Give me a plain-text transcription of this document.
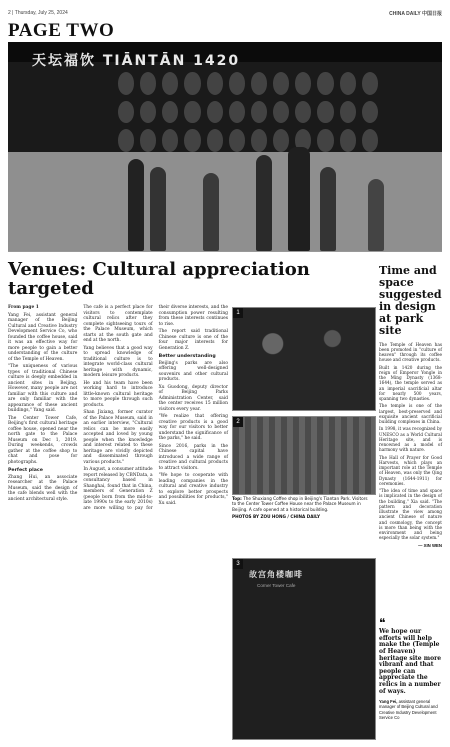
2 | Thursday, July 25, 2024	CHINA DAILY 中国日报
PAGE TWO
天坛福饮 TIĀNTĀN 1420
Venues: Cultural appreciation targeted

From page 1

Yang Fei, assistant general manager of the Beijing Cultural and Creative Industry Development Service Co, who founded the coffee house, said it was an effective way for more people to gain a better understanding of the culture of the Temple of Heaven.

"The uniqueness of various types of traditional Chinese culture is deeply embedded in ancient sites in Beijing. However, many people are not familiar with this culture and are only familiar with the appearance of these ancient buildings," Yang said.

The Center Tower Cafe, Beijing's first cultural heritage coffee house, opened near the north gate to the Palace Museum on Dec 1, 2019. During weekends, crowds gather at the coffee shop to chat and pose for photographs.

Perfect place

Zhang Hui, an associate researcher at the Palace Museum, said the design of the cafe blends well with the ancient architectural style.

The cafe is a perfect place for visitors to contemplate cultural relics after they complete sightseeing tours of the Palace Museum, which starts at the south gate and end at the north.

Yang believes that a good way to spread knowledge of traditional culture is to integrate world-class cultural heritage with dynamic, modern leisure products.

He and his team have been working hard to introduce little-known cultural heritage to more people through such products.

Shan Jixiang, former curator of the Palace Museum, said in an earlier interview, "Cultural relics can be more easily accepted and loved by young people when the knowledge and interest related to these heritage are vividly depicted and disseminated through various products."

In August, a consumer attitude report released by CBNData, a consultancy based in Shanghai, found that in China, members of Generation Z (people born from the mid-to-late 1990s to the early 2010s) are more willing to pay for their diverse interests, and the consumption power resulting from these interests continues to rise.

The report said traditional Chinese culture is one of the four major interests for Generation Z.

Better understanding

Beijing's parks are also offering well-designed souvenirs and other cultural products.

Xu Guodong, deputy director of Beijing Parks Administration Center, said the center receives 15 million visitors every year.

"We realize that offering creative products is a good way for our visitors to better understand the significance of the parks," he said.

Since 2016, parks in the Chinese capital have introduced a wide range of creative and cultural products to attract visitors.

"We hope to cooperate with leading companies in the cultural and creative industry to explore better prospects and possibilities for products," Xu said.

1
2
Top: The Shuxiang Coffee shop in Beijing's Tiantan Park. Visitors to the Center Tower Coffee House near the Palace Museum in Beijing. A cafe opened at a historical building.
PHOTOS BY ZOU HONG / CHINA DAILY
3
故宫角楼咖啡
Corner Tower Cafe
Time and space suggested in design at park site

The Temple of Heaven has been promoted in "culture of heaven" through its coffee house and creative products.

Built in 1420 during the reign of Emperor Yongle in the Ming Dynasty (1368-1644), the temple served as an imperial sacrificial altar for nearly 500 years, spanning two dynasties.

The temple is one of the largest, best-preserved and exquisite ancient sacrificial building complexes in China.

In 1998, it was recognized by UNESCO as a World Cultural Heritage site, and is renowned as a model of harmony with nature.

The Hall of Prayer for Good Harvests, which plays an important role at the Temple of Heaven, was only the Qing Dynasty (1644-1911) for ceremonies.

"The idea of time and space is implicated in the design of the building," Xia said. "The pattern and decoration illustrate the view among ancient Chinese of nature and cosmology, the concept is more than being with the environment and being especially the solar system."

— XIN WEN
❝
We hope our efforts will help make the (Temple of Heaven) heritage site more vibrant and that people can appreciate the relics in a number of ways.
Yang Fei, assistant general manager of Beijing Cultural and Creative Industry Development Service Co
